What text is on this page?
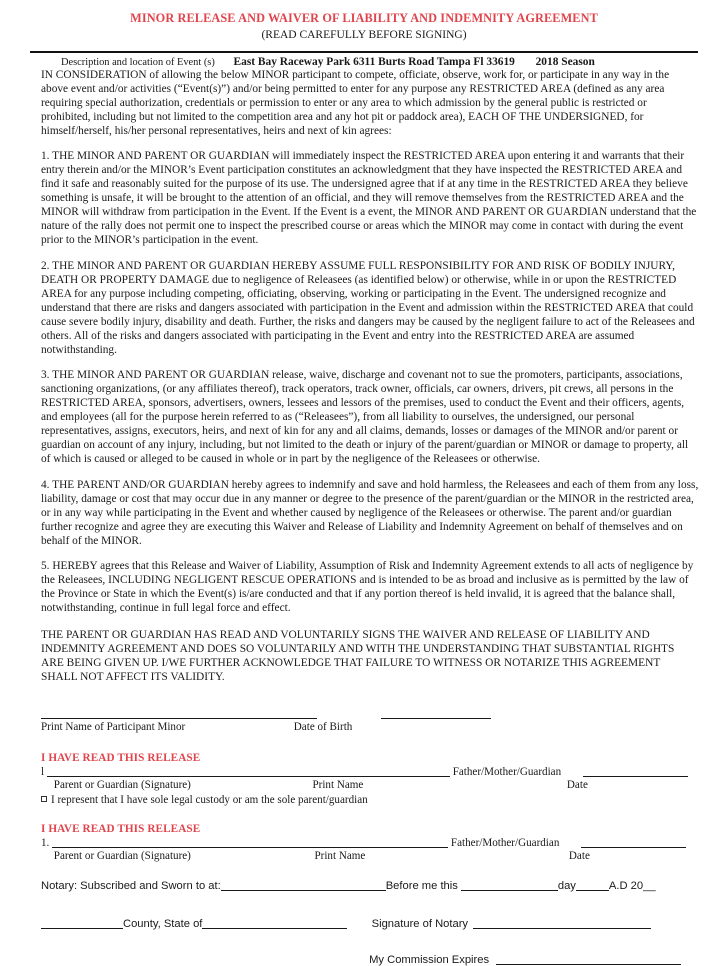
MINOR RELEASE AND WAIVER OF LIABILITY AND INDEMNITY AGREEMENT
(READ CAREFULLY BEFORE SIGNING)
Description and location of Event (s) East Bay Raceway Park 6311 Burts Road Tampa Fl 33619 2018 Season

IN CONSIDERATION of allowing the below MINOR participant to compete, officiate, observe, work for, or participate in any way in the above event and/or activities (“Event(s)”) and/or being permitted to enter for any purpose any RESTRICTED AREA (defined as any area requiring special authorization, credentials or permission to enter or any area to which admission by the general public is restricted or prohibited, including but not limited to the competition area and any hot pit or paddock area), EACH OF THE UNDERSIGNED, for himself/herself, his/her personal representatives, heirs and next of kin agrees:

1. THE MINOR AND PARENT OR GUARDIAN will immediately inspect the RESTRICTED AREA upon entering it and warrants that their entry therein and/or the MINOR’s Event participation constitutes an acknowledgment that they have inspected the RESTRICTED AREA and find it safe and reasonably suited for the purpose of its use. The undersigned agree that if at any time in the RESTRICTED AREA they believe something is unsafe, it will be brought to the attention of an official, and they will remove themselves from the RESTRICTED AREA and the MINOR will withdraw from participation in the Event. If the Event is a event, the MINOR AND PARENT OR GUARDIAN understand that the nature of the rally does not permit one to inspect the prescribed course or areas which the MINOR may come in contact with during the event prior to the MINOR’s participation in the event.

2. THE MINOR AND PARENT OR GUARDIAN HEREBY ASSUME FULL RESPONSIBILITY FOR AND RISK OF BODILY INJURY, DEATH OR PROPERTY DAMAGE due to negligence of Releasees (as identified below) or otherwise, while in or upon the RESTRICTED AREA for any purpose including competing, officiating, observing, working or participating in the Event. The undersigned recognize and understand that there are risks and dangers associated with participation in the Event and admission within the RESTRICTED AREA that could cause severe bodily injury, disability and death. Further, the risks and dangers may be caused by the negligent failure to act of the Releasees and others. All of the risks and dangers associated with participating in the Event and entry into the RESTRICTED AREA are assumed notwithstanding.

3. THE MINOR AND PARENT OR GUARDIAN release, waive, discharge and covenant not to sue the promoters, participants, associations, sanctioning organizations, (or any affiliates thereof), track operators, track owner, officials, car owners, drivers, pit crews, all persons in the RESTRICTED AREA, sponsors, advertisers, owners, lessees and lessors of the premises, used to conduct the Event and their officers, agents, and employees (all for the purpose herein referred to as (“Releasees”), from all liability to ourselves, the undersigned, our personal representatives, assigns, executors, heirs, and next of kin for any and all claims, demands, losses or damages of the MINOR and/or parent or guardian on account of any injury, including, but not limited to the death or injury of the parent/guardian or MINOR or damage to property, all of which is caused or alleged to be caused in whole or in part by the negligence of the Releasees or otherwise.

4. THE PARENT AND/OR GUARDIAN hereby agrees to indemnify and save and hold harmless, the Releasees and each of them from any loss, liability, damage or cost that may occur due in any manner or degree to the presence of the parent/guardian or the MINOR in the restricted area, or in any way while participating in the Event and whether caused by negligence of the Releasees or otherwise. The parent and/or guardian further recognize and agree they are executing this Waiver and Release of Liability and Indemnity Agreement on behalf of themselves and on behalf of the MINOR.

5. HEREBY agrees that this Release and Waiver of Liability, Assumption of Risk and Indemnity Agreement extends to all acts of negligence by the Releasees, INCLUDING NEGLIGENT RESCUE OPERATIONS and is intended to be as broad and inclusive as is permitted by the law of the Province or State in which the Event(s) is/are conducted and that if any portion thereof is held invalid, it is agreed that the balance shall, notwithstanding, continue in full legal force and effect.

THE PARENT OR GUARDIAN HAS READ AND VOLUNTARILY SIGNS THE WAIVER AND RELEASE OF LIABILITY AND INDEMNITY AGREEMENT AND DOES SO VOLUNTARILY AND WITH THE UNDERSTANDING THAT SUBSTANTIAL RIGHTS ARE BEING GIVEN UP. I/WE FURTHER ACKNOWLEDGE THAT FAILURE TO WITNESS OR NOTARIZE THIS AGREEMENT SHALL NOT AFFECT ITS VALIDITY.

Print Name of Participant Minor	Date of Birth
I HAVE READ THIS RELEASE
l	Father/Mother/Guardian
Parent or Guardian (Signature)	Print Name	Date
I represent that I have sole legal custody or am the sole parent/guardian
I HAVE READ THIS RELEASE
1.	Father/Mother/Guardian
Parent or Guardian (Signature)	Print Name	Date
Notary: Subscribed and Sworn to at:	Before me this	day	A.D 20__
County, State of	Signature of Notary
My Commission Expires
